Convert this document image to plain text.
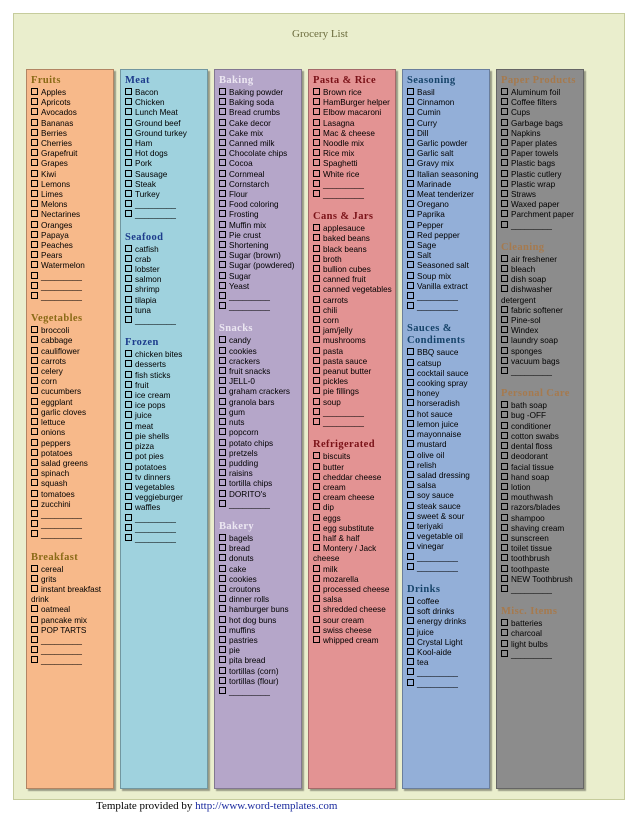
Grocery List
Fruits
Apples
Apricots
Avocados
Bananas
Berries
Cherries
Grapefruit
Grapes
Kiwi
Lemons
Limes
Melons
Nectarines
Oranges
Papaya
Peaches
Pears
Watermelon
_________
_________
_________
Vegetables
broccoli
cabbage
cauliflower
carrots
celery
corn
cucumbers
eggplant
garlic cloves
lettuce
onions
peppers
potatoes
salad greens
spinach
squash
tomatoes
zucchini
_________
_________
_________
Breakfast
cereal
grits
instant breakfast drink
oatmeal
pancake mix
POP TARTS
_________
_________
_________
Meat
Bacon
Chicken
Lunch Meat
Ground beef
Ground turkey
Ham
Hot dogs
Pork
Sausage
Steak
Turkey
_________
_________
Seafood
catfish
crab
lobster
salmon
shrimp
tilapia
tuna
_________
Frozen
chicken bites
desserts
fish sticks
fruit
ice cream
ice pops
juice
meat
pie shells
pizza
pot pies
potatoes
tv dinners
vegetables
veggieburger
waffles
_________
_________
_________
Baking
Baking powder
Baking soda
Bread crumbs
Cake decor
Cake mix
Canned milk
Chocolate chips
Cocoa
Cornmeal
Cornstarch
Flour
Food coloring
Frosting
Muffin mix
Pie crust
Shortening
Sugar (brown)
Sugar (powdered)
Sugar
Yeast
_________
_________
Snacks
candy
cookies
crackers
fruit snacks
JELL-0
graham crackers
granola bars
gum
nuts
popcorn
potato chips
pretzels
pudding
raisins
tortilla chips
DORITO's
_________
Bakery
bagels
bread
donuts
cake
cookies
croutons
dinner rolls
hamburger buns
hot dog buns
muffins
pastries
pie
pita bread
tortillas (corn)
tortillas (flour)
_________
Pasta & Rice
Brown rice
HamBurger helper
Elbow macaroni
Lasagna
Mac & cheese
Noodle mix
Rice mix
Spaghetti
White rice
_________
_________
Cans & Jars
applesauce
baked beans
black beans
broth
bullion cubes
canned fruit
canned vegetables
carrots
chili
corn
jam/jelly
mushrooms
pasta
pasta sauce
peanut butter
pickles
pie fillings
soup
_________
_________
Refrigerated
biscuits
butter
cheddar cheese
cream
cream cheese
dip
eggs
egg substitute
half & half
Montery / Jack cheese
milk
mozarella
processed cheese
salsa
shredded cheese
sour cream
swiss cheese
whipped cream
Seasoning
Basil
Cinnamon
Cumin
Curry
Dill
Garlic powder
Garlic salt
Gravy mix
Italian seasoning
Marinade
Meat tenderizer
Oregano
Paprika
Pepper
Red pepper
Sage
Salt
Seasoned salt
Soup mix
Vanilla extract
_________
_________
Sauces & Condiments
BBQ sauce
catsup
cocktail sauce
cooking spray
honey
horseradish
hot sauce
lemon juice
mayonnaise
mustard
olive oil
relish
salad dressing
salsa
soy sauce
steak sauce
sweet & sour
teriyaki
vegetable oil
vinegar
_________
_________
Drinks
coffee
soft drinks
energy drinks
juice
Crystal Light
Kool-aide
tea
_________
_________
Paper Products
Aluminum foil
Coffee filters
Cups
Garbage bags
Napkins
Paper plates
Paper towels
Plastic bags
Plastic cutlery
Plastic wrap
Straws
Waxed paper
Parchment paper
_________
Cleaning
air freshener
bleach
dish soap
dishwasher detergent
fabric softener
Pine-sol
Windex
laundry soap
sponges
vacuum bags
_________
Personal Care
bath soap
bug -OFF
conditioner
cotton swabs
dental floss
deodorant
facial tissue
hand soap
lotion
mouthwash
razors/blades
shampoo
shaving cream
sunscreen
toilet tissue
toothbrush
toothpaste
NEW Toothbrush
_________
Misc. Items
batteries
charcoal
light bulbs
_________
Template provided by http://www.word-templates.com
